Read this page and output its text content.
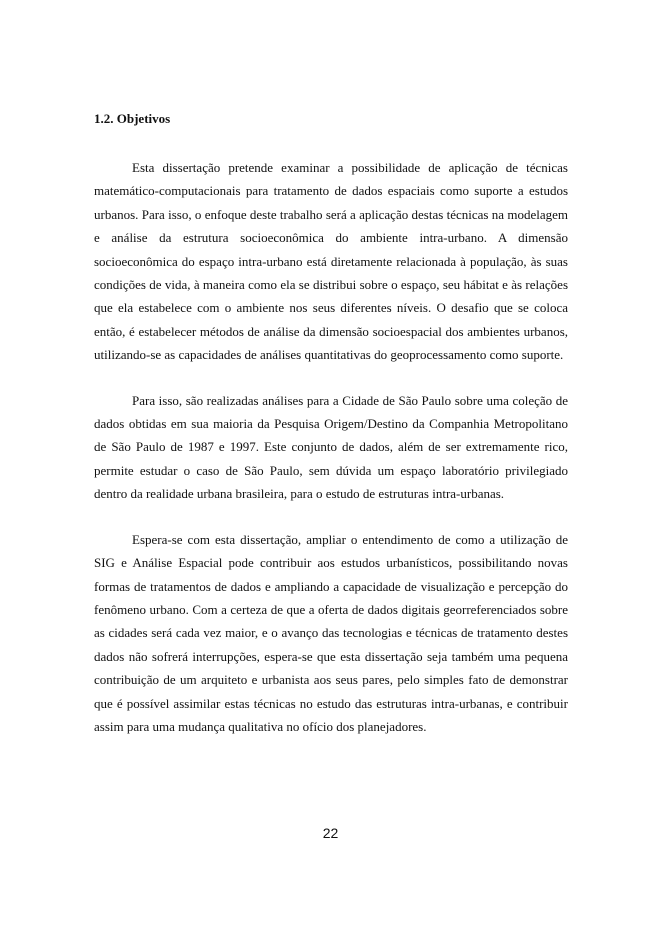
1.2. Objetivos

Esta dissertação pretende examinar a possibilidade de aplicação de técnicas matemático-computacionais para tratamento de dados espaciais como suporte a estudos urbanos. Para isso, o enfoque deste trabalho será a aplicação destas técnicas na modelagem e análise da estrutura socioeconômica do ambiente intra-urbano. A dimensão socioeconômica do espaço intra-urbano está diretamente relacionada à população, às suas condições de vida, à maneira como ela se distribui sobre o espaço, seu hábitat e às relações que ela estabelece com o ambiente nos seus diferentes níveis. O desafio que se coloca então, é estabelecer métodos de análise da dimensão socioespacial dos ambientes urbanos, utilizando-se as capacidades de análises quantitativas do geoprocessamento como suporte.

Para isso, são realizadas análises para a Cidade de São Paulo sobre uma coleção de dados obtidas em sua maioria da Pesquisa Origem/Destino da Companhia Metropolitano de São Paulo de 1987 e 1997. Este conjunto de dados, além de ser extremamente rico, permite estudar o caso de São Paulo, sem dúvida um espaço laboratório privilegiado dentro da realidade urbana brasileira, para o estudo de estruturas intra-urbanas.

Espera-se com esta dissertação, ampliar o entendimento de como a utilização de SIG e Análise Espacial pode contribuir aos estudos urbanísticos, possibilitando novas formas de tratamentos de dados e ampliando a capacidade de visualização e percepção do fenômeno urbano. Com a certeza de que a oferta de dados digitais georreferenciados sobre as cidades será cada vez maior, e o avanço das tecnologias e técnicas de tratamento destes dados não sofrerá interrupções, espera-se que esta dissertação seja também uma pequena contribuição de um arquiteto e urbanista aos seus pares, pelo simples fato de demonstrar que é possível assimilar estas técnicas no estudo das estruturas intra-urbanas, e contribuir assim para uma mudança qualitativa no ofício dos planejadores.

22
